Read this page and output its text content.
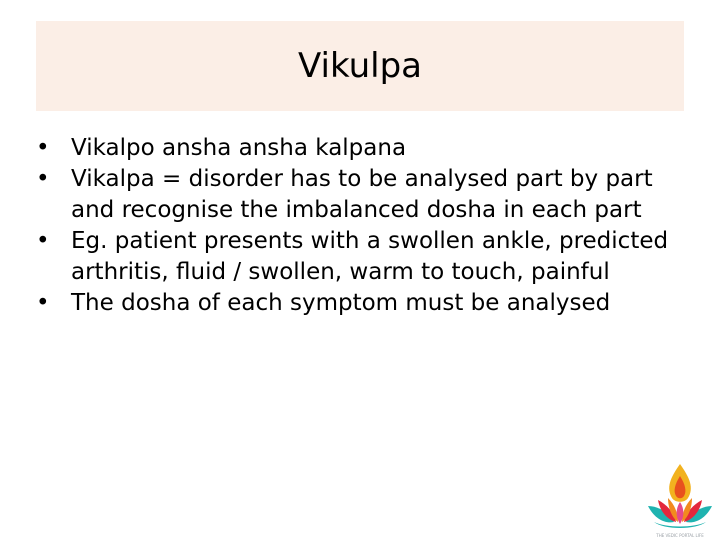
Vikulpa
• Vikalpo ansha ansha kalpana
• Vikalpa = disorder has to be analysed part by part and recognise the imbalanced dosha in each part
• Eg. patient presents with a swollen ankle, predicted arthritis, fluid / swollen, warm to touch, painful
• The dosha of each symptom must be analysed
THE VEDIC PORTAL LIFE
